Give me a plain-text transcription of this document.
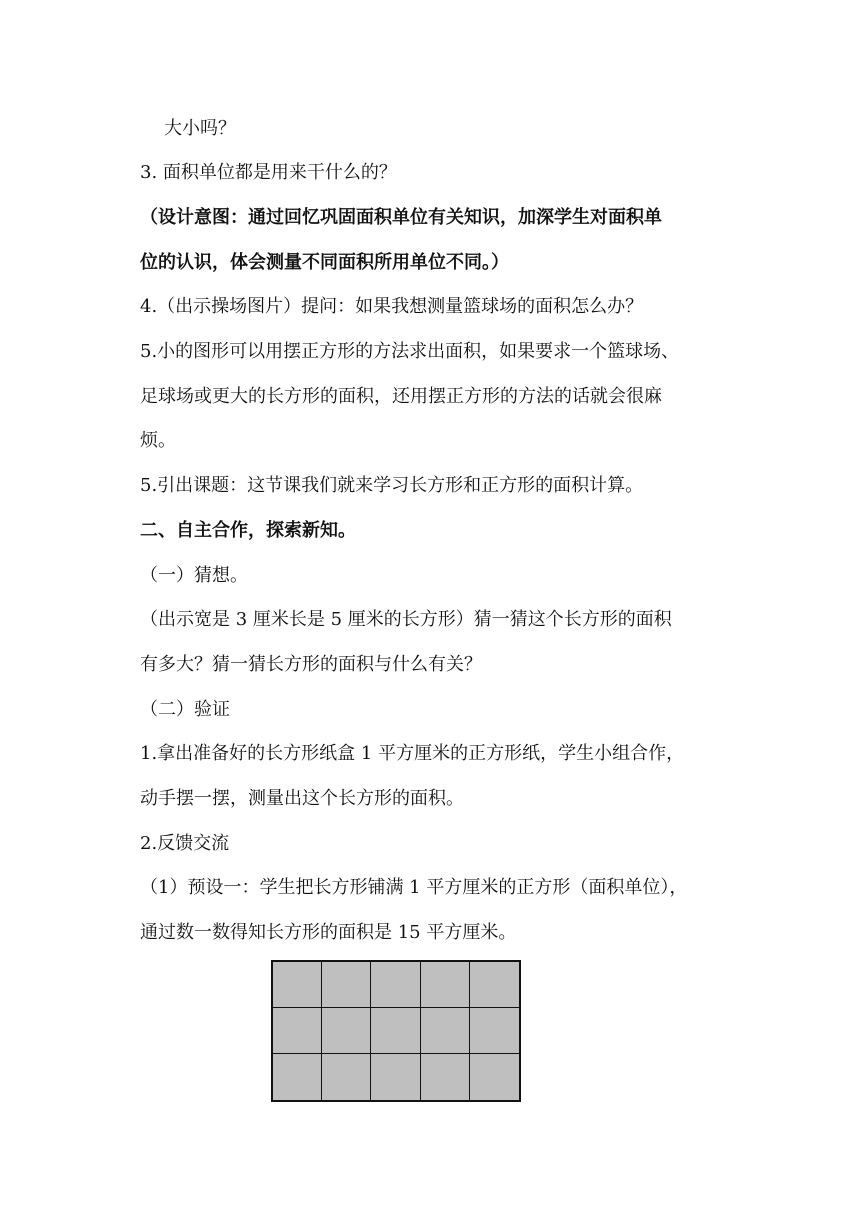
大小吗？

3. 面积单位都是用来干什么的？

（设计意图：通过回忆巩固面积单位有关知识，加深学生对面积单

位的认识，体会测量不同面积所用单位不同。）

4.（出示操场图片）提问：如果我想测量篮球场的面积怎么办？

5.小的图形可以用摆正方形的方法求出面积，如果要求一个篮球场、

足球场或更大的长方形的面积，还用摆正方形的方法的话就会很麻

烦。

5.引出课题：这节课我们就来学习长方形和正方形的面积计算。

二、自主合作，探索新知。

（一）猜想。

（出示宽是 3 厘米长是 5 厘米的长方形）猜一猜这个长方形的面积

有多大？猜一猜长方形的面积与什么有关？

（二）验证

1.拿出准备好的长方形纸盒 1 平方厘米的正方形纸，学生小组合作，

动手摆一摆，测量出这个长方形的面积。

2.反馈交流

（1）预设一：学生把长方形铺满 1 平方厘米的正方形（面积单位），

通过数一数得知长方形的面积是 15 平方厘米。
